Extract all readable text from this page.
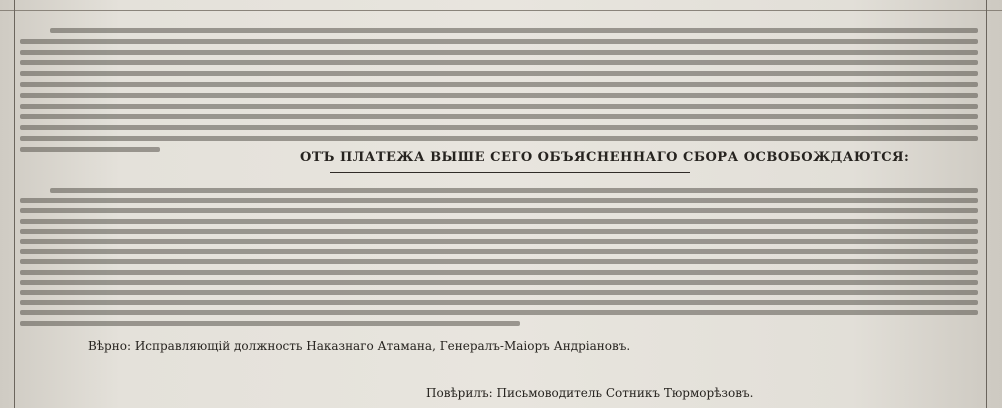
ОТЪ ПЛАТЕЖА ВЫШЕ СЕГО ОБЪЯСНЕННАГО СБОРА ОСВОБОЖДАЮТСЯ:
Вѣрно: Исправляющій должность Наказнаго Атамана, Генералъ-Маіоръ Андріановъ.
Повѣрилъ: Письмоводитель Сотникъ Тюрморѣзовъ.
